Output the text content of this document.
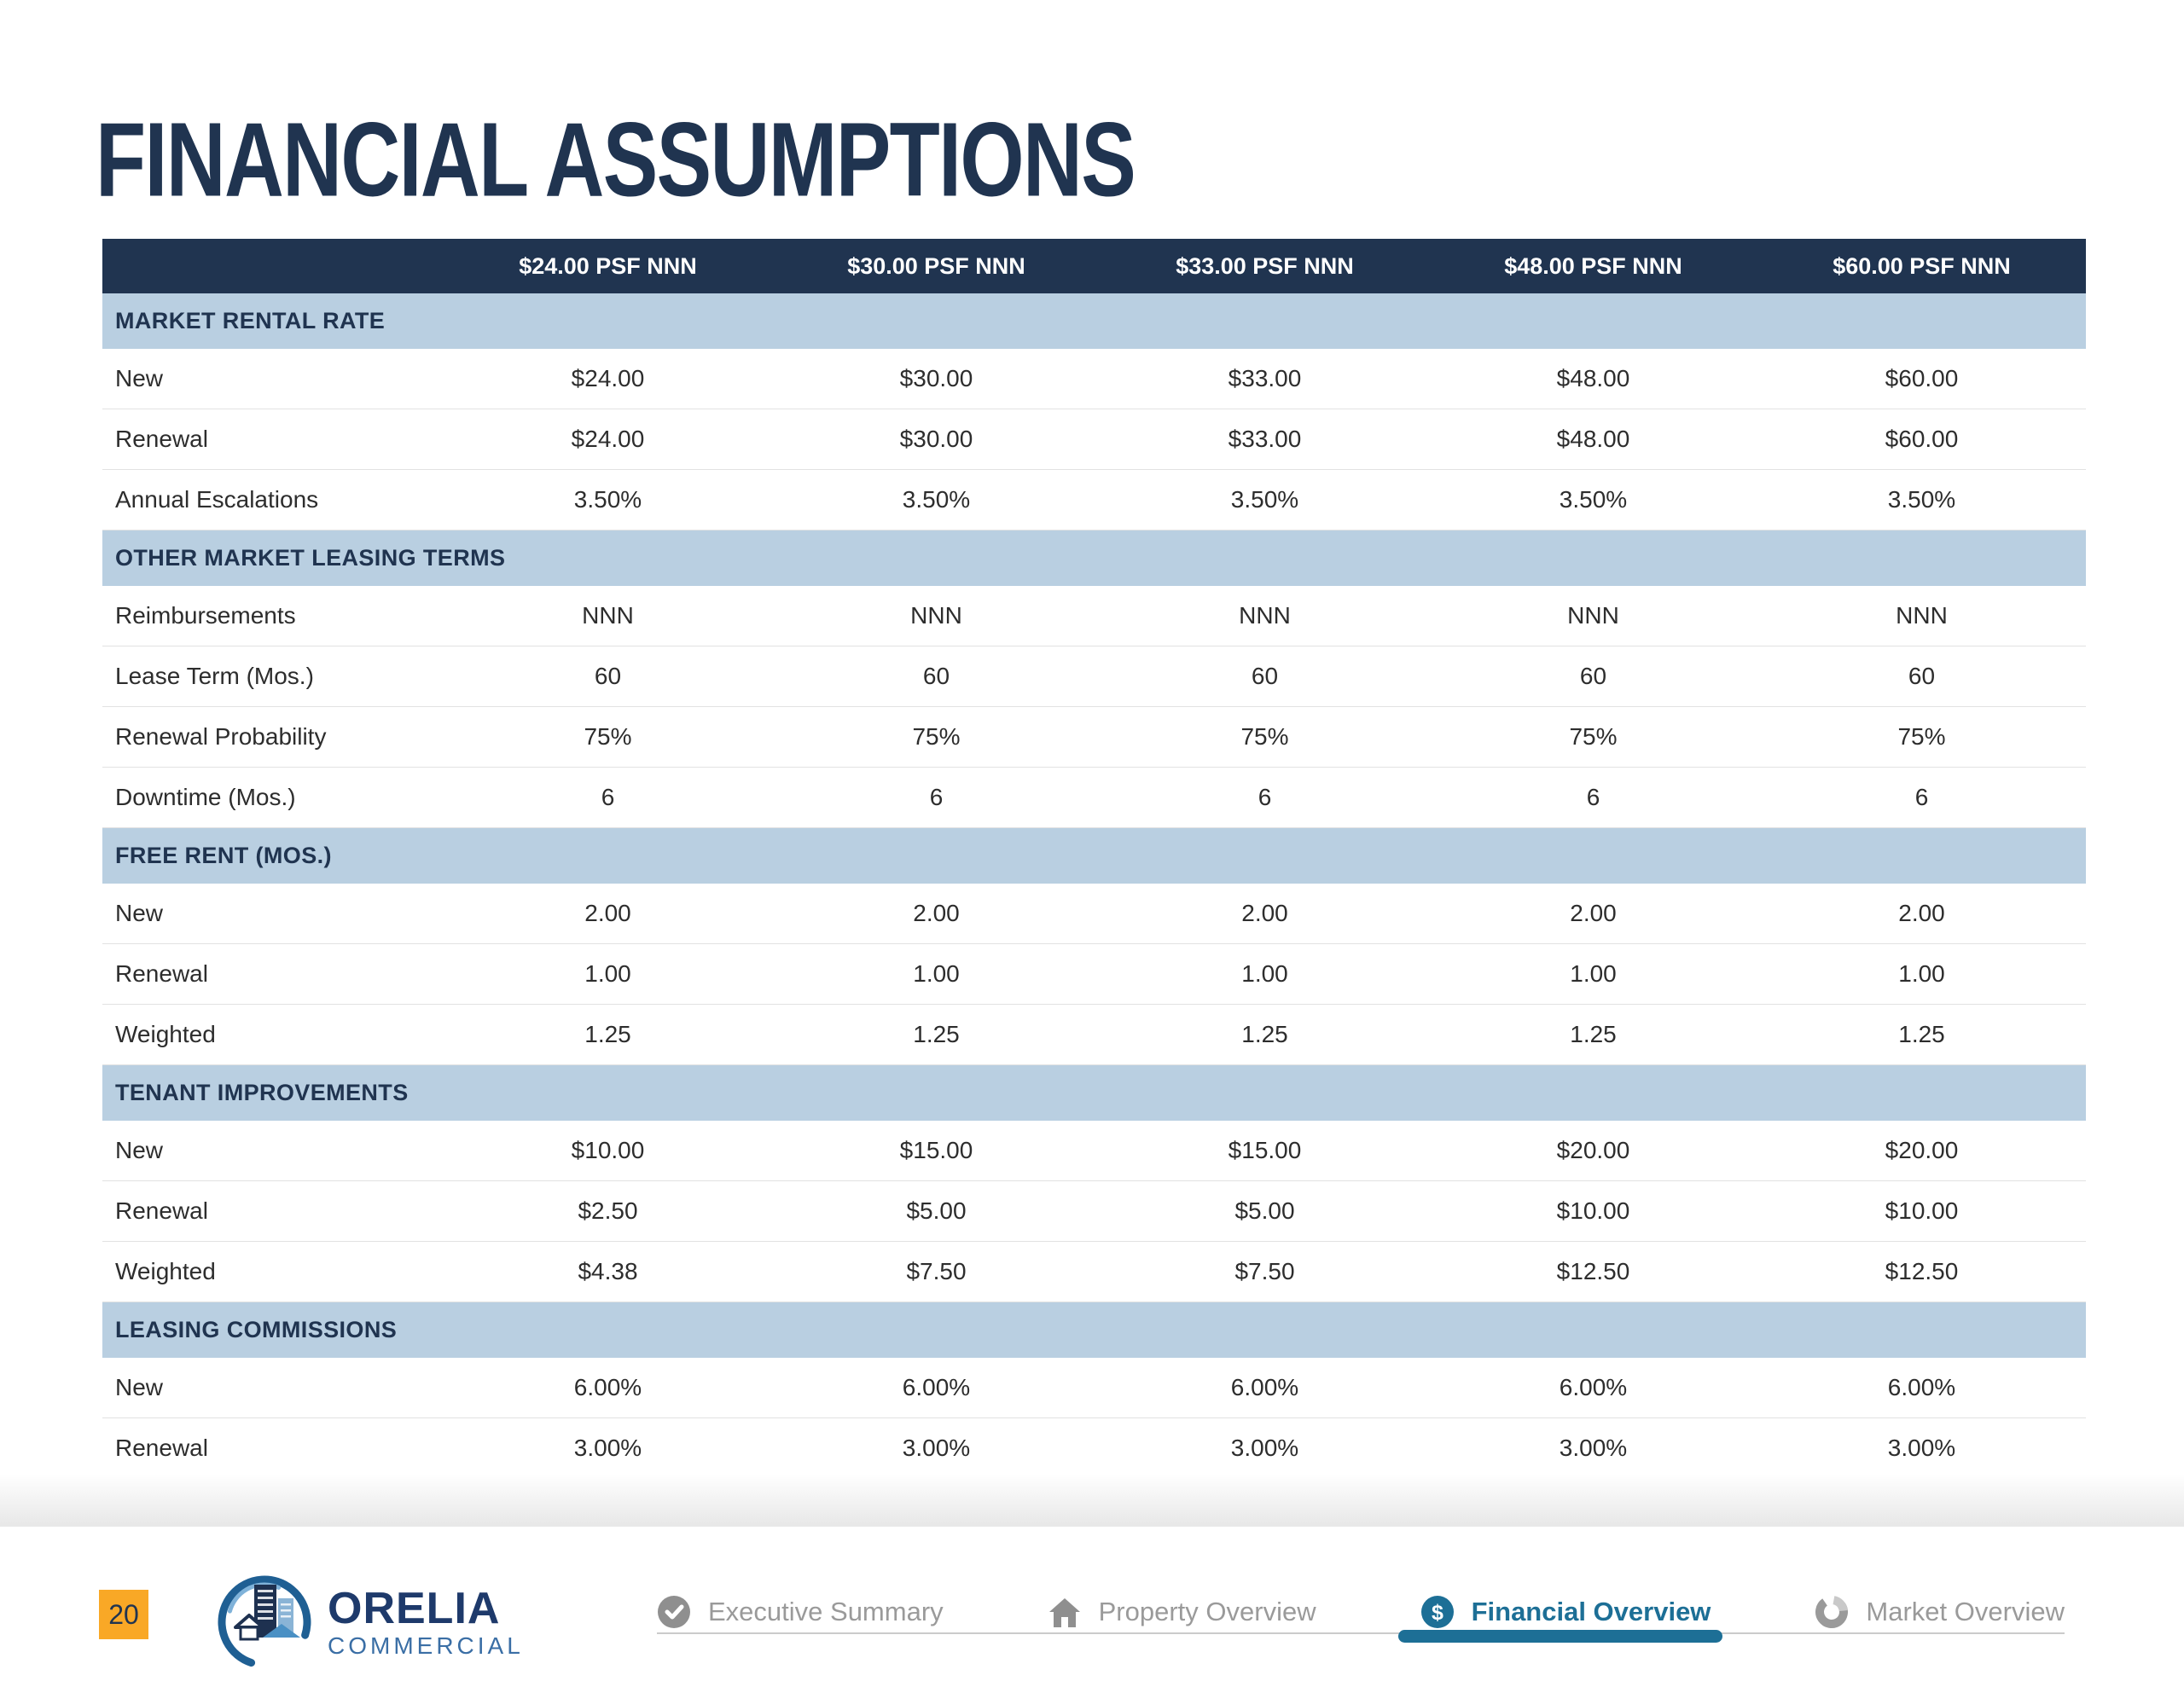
FINANCIAL ASSUMPTIONS
$24.00 PSF NNN	$30.00 PSF NNN	$33.00 PSF NNN	$48.00 PSF NNN	$60.00 PSF NNN
MARKET RENTAL RATE
New	$24.00	$30.00	$33.00	$48.00	$60.00
Renewal	$24.00	$30.00	$33.00	$48.00	$60.00
Annual Escalations	3.50%	3.50%	3.50%	3.50%	3.50%
OTHER MARKET LEASING TERMS
Reimbursements	NNN	NNN	NNN	NNN	NNN
Lease Term (Mos.)	60	60	60	60	60
Renewal Probability	75%	75%	75%	75%	75%
Downtime (Mos.)	6	6	6	6	6
FREE RENT (MOS.)
New	2.00	2.00	2.00	2.00	2.00
Renewal	1.00	1.00	1.00	1.00	1.00
Weighted	1.25	1.25	1.25	1.25	1.25
TENANT IMPROVEMENTS
New	$10.00	$15.00	$15.00	$20.00	$20.00
Renewal	$2.50	$5.00	$5.00	$10.00	$10.00
Weighted	$4.38	$7.50	$7.50	$12.50	$12.50
LEASING COMMISSIONS
New	6.00%	6.00%	6.00%	6.00%	6.00%
Renewal	3.00%	3.00%	3.00%	3.00%	3.00%
20	ORELIA
COMMERCIAL
Executive Summary	Property Overview	$ Financial Overview	Market Overview
